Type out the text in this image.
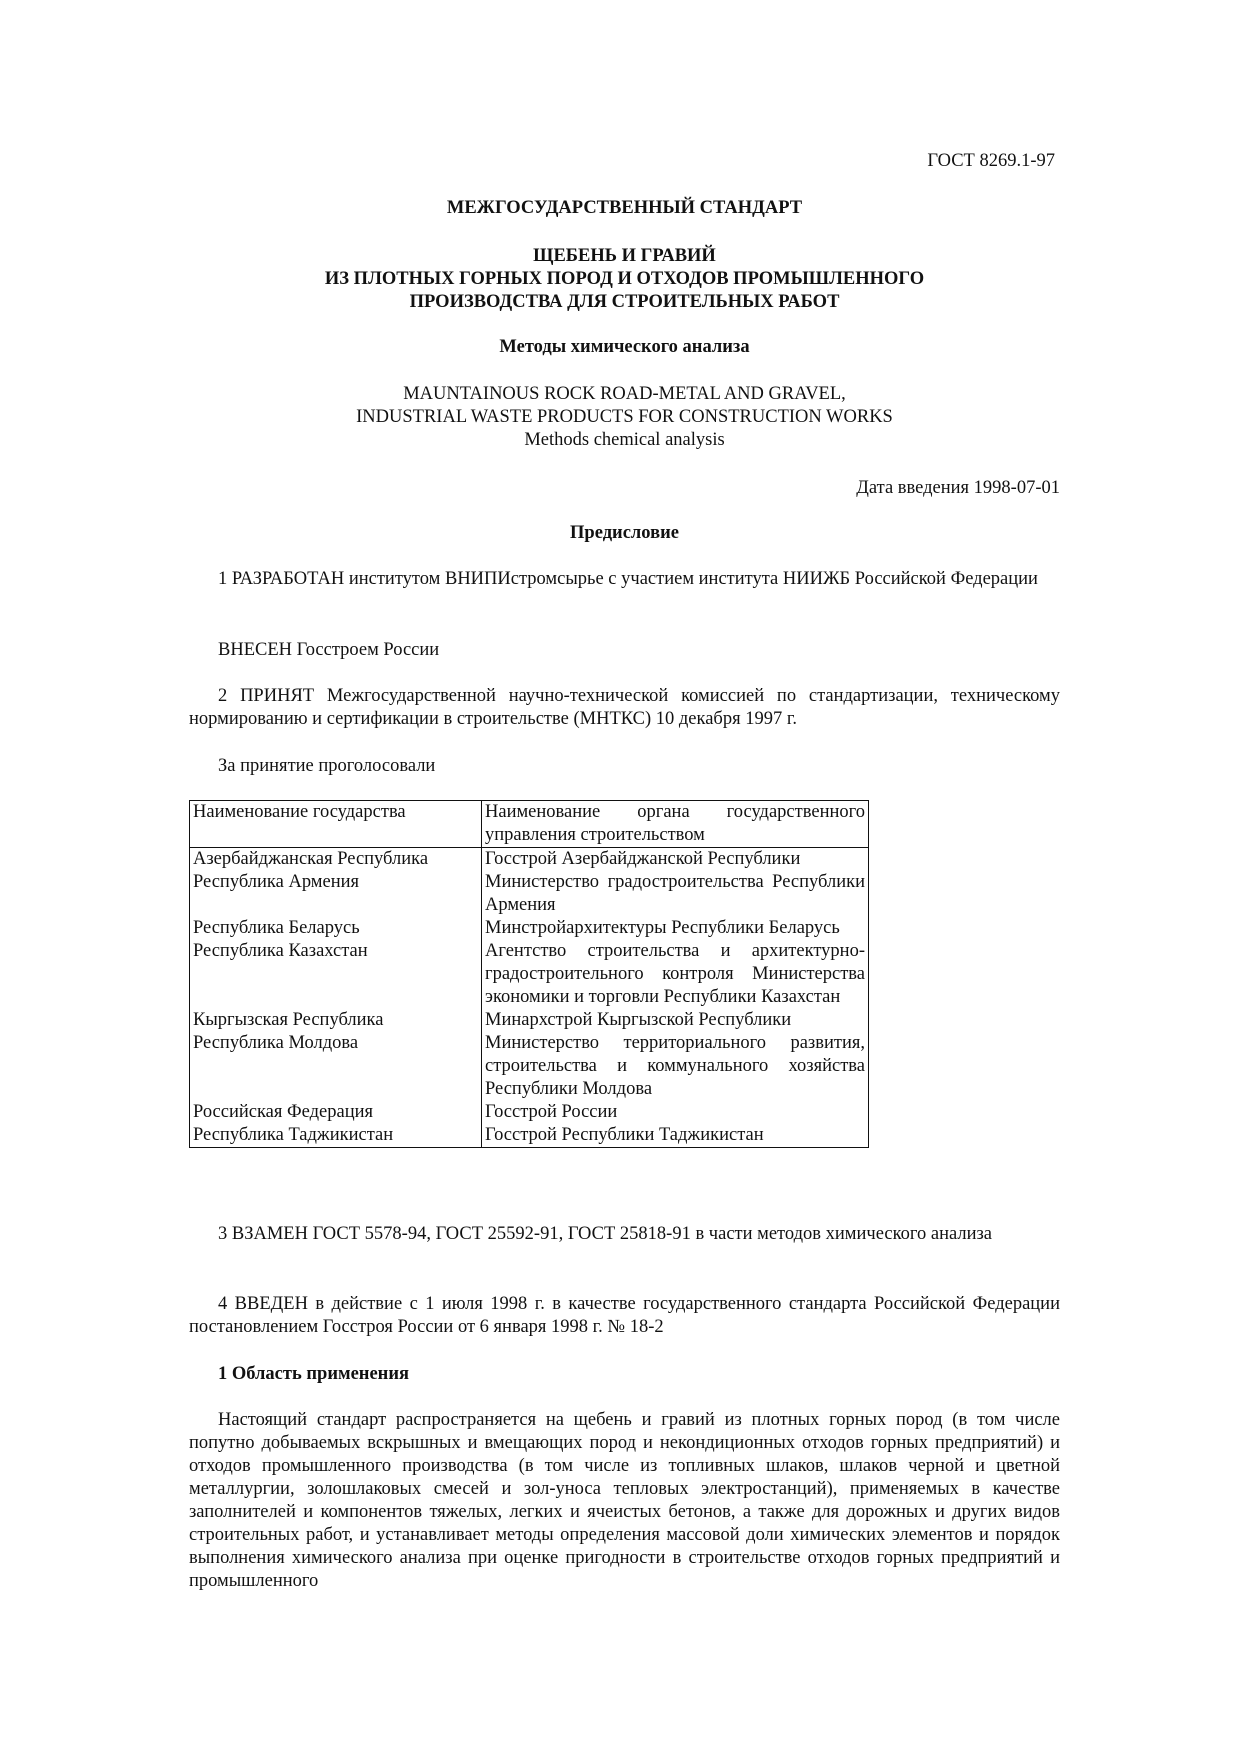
ГОСТ 8269.1-97
МЕЖГОСУДАРСТВЕННЫЙ СТАНДАРТ
ЩЕБЕНЬ И ГРАВИЙ
ИЗ ПЛОТНЫХ ГОРНЫХ ПОРОД И ОТХОДОВ ПРОМЫШЛЕННОГО
ПРОИЗВОДСТВА ДЛЯ СТРОИТЕЛЬНЫХ РАБОТ
Методы химического анализа
MAUNTAINOUS ROCK ROAD-METAL AND GRAVEL,
INDUSTRIAL WASTE PRODUCTS FOR CONSTRUCTION WORKS
Methods chemical analysis
Дата введения 1998-07-01
Предисловие
1 РАЗРАБОТАН институтом ВНИПИстромсырье с участием института НИИЖБ Российской Федерации
ВНЕСЕН Госстроем России
2 ПРИНЯТ Межгосударственной научно-технической комиссией по стандартизации, техническому нормированию и сертификации в строительстве (МНТКС) 10 декабря 1997 г.
За принятие проголосовали
Наименование государства	Наименование органа государственного управления строительством
Азербайджанская Республика	Госстрой Азербайджанской Республики
Республика Армения	Министерство градостроительства Республики Армения
Республика Беларусь	Минстройархитектуры Республики Беларусь
Республика Казахстан	Агентство строительства и архитектурно-градостроительного контроля Министерства экономики и торговли Республики Казахстан
Кыргызская Республика	Минархстрой Кыргызской Республики
Республика Молдова	Министерство территориального развития, строительства и коммунального хозяйства Республики Молдова
Российская Федерация	Госстрой России
Республика Таджикистан	Госстрой Республики Таджикистан
3 ВЗАМЕН ГОСТ 5578-94, ГОСТ 25592-91, ГОСТ 25818-91 в части методов химического анализа
4 ВВЕДЕН в действие с 1 июля 1998 г. в качестве государственного стандарта Российской Федерации постановлением Госстроя России от 6 января 1998 г. № 18-2
1 Область применения
Настоящий стандарт распространяется на щебень и гравий из плотных горных пород (в том числе попутно добываемых вскрышных и вмещающих пород и некондиционных отходов горных предприятий) и отходов промышленного производства (в том числе из топливных шлаков, шлаков черной и цветной металлургии, золошлаковых смесей и зол-уноса тепловых электростанций), применяемых в качестве заполнителей и компонентов тяжелых, легких и ячеистых бетонов, а также для дорожных и других видов строительных работ, и устанавливает методы определения массовой доли химических элементов и порядок выполнения химического анализа при оценке пригодности в строительстве отходов горных предприятий и промышленного
